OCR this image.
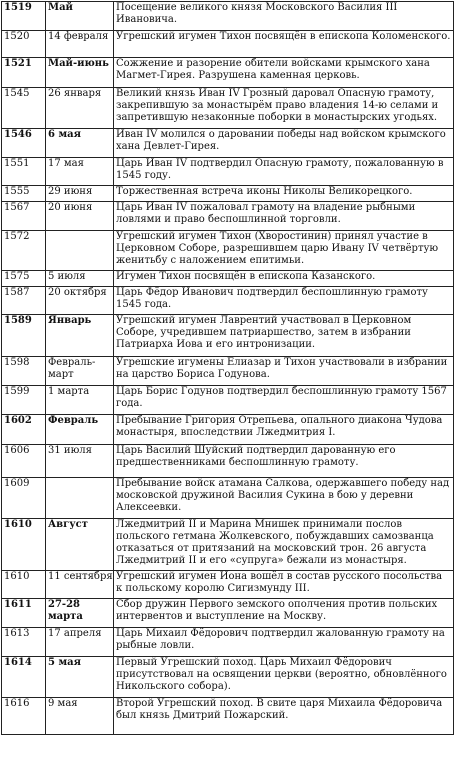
1519	Май	Посещение великого князя Московского Василия III Ивановича.
1520	14 февраля	Угрешский игумен Тихон посвящён в епископа Коломенского.
1521	Май-июнь	Сожжение и разорение обители войсками крымского хана Магмет-Гирея. Разрушена каменная церковь.
1545	26 января	Великий князь Иван IV Грозный даровал Опасную грамоту, закрепившую за монастырём право владения 14-ю селами и запретившую незаконные поборки в монастырских угодьях.
1546	6 мая	Иван IV молился о даровании победы над войском крымского хана Девлет-Гирея.
1551	17 мая	Царь Иван IV подтвердил Опасную грамоту, пожалованную в 1545 году.
1555	29 июня	Торжественная встреча иконы Николы Великорецкого.
1567	20 июня	Царь Иван IV пожаловал грамоту на владение рыбными ловлями и право беспошлинной торговли.
1572		Угрешский игумен Тихон (Хворостинин) принял участие в Церковном Соборе, разрешившем царю Ивану IV четвёртую женитьбу с наложением епитимьи.
1575	5 июля	Игумен Тихон посвящён в епископа Казанского.
1587	20 октября	Царь Фёдор Иванович подтвердил беспошлинную грамоту 1545 года.
1589	Январь	Угрешский игумен Лаврентий участвовал в Церковном Соборе, учредившем патриаршество, затем в избрании Патриарха Иова и его интронизации.
1598	Февраль-март	Угрешские игумены Елиазар и Тихон участвовали в избрании на царство Бориса Годунова.
1599	1 марта	Царь Борис Годунов подтвердил беспошлинную грамоту 1567 года.
1602	Февраль	Пребывание Григория Отрепьева, опального диакона Чудова монастыря, впоследствии Лжедмитрия I.
1606	31 июля	Царь Василий Шуйский подтвердил дарованную его предшественниками беспошлинную грамоту.
1609		Пребывание войск атамана Салкова, одержавшего победу над московской дружиной Василия Сукина в бою у деревни Алексеевки.
1610	Август	Лжедмитрий II и Марина Мнишек принимали послов польского гетмана Жолкевского, побуждавших самозванца отказаться от притязаний на московский трон. 26 августа Лжедмитрий II и его «супруга» бежали из монастыря.
1610	11 сентября	Угрешский игумен Иона вошёл в состав русского посольства к польскому королю Сигизмунду III.
1611	27-28 марта	Сбор дружин Первого земского ополчения против польских интервентов и выступление на Москву.
1613	17 апреля	Царь Михаил Фёдорович подтвердил жалованную грамоту на рыбные ловли.
1614	5 мая	Первый Угрешский поход. Царь Михаил Фёдорович присутствовал на освящении церкви (вероятно, обновлённого Никольского собора).
1616	9 мая	Второй Угрешский поход. В свите царя Михаила Фёдоровича был князь Дмитрий Пожарский.
